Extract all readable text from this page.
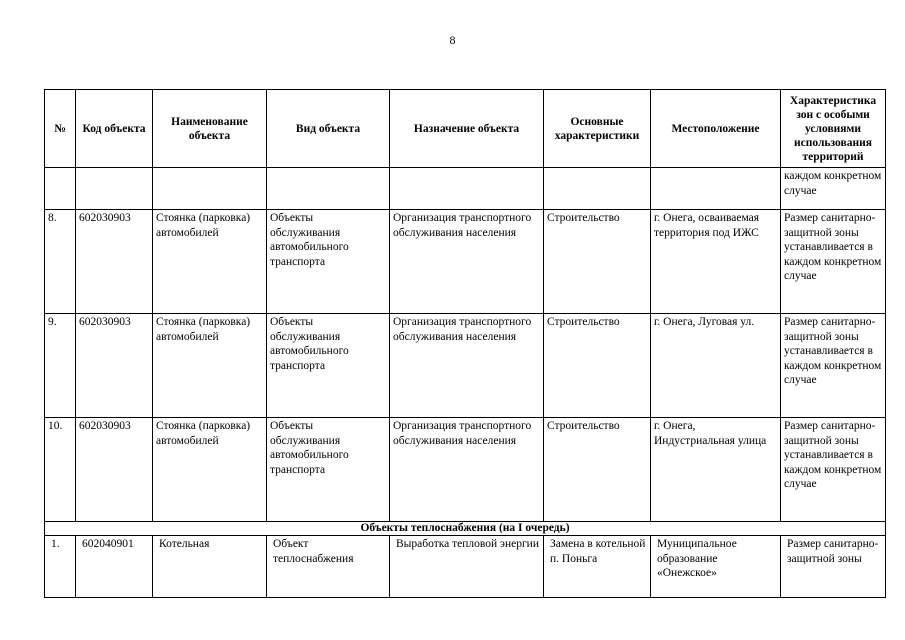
8
№	Код объекта	Наименование объекта	Вид объекта	Назначение объекта	Основные характеристики	Местоположение	Характеристика зон с особыми условиями использования территорий
							каждом конкретном случае
8.	602030903	Стоянка (парковка) автомобилей	Объекты обслуживания автомобильного транспорта	Организация транспортного обслуживания населения	Строительство	г. Онега, осваиваемая территория под ИЖС	Размер санитарно-защитной зоны устанавливается в каждом конкретном случае
9.	602030903	Стоянка (парковка) автомобилей	Объекты обслуживания автомобильного транспорта	Организация транспортного обслуживания населения	Строительство	г. Онега, Луговая ул.	Размер санитарно-защитной зоны устанавливается в каждом конкретном случае
10.	602030903	Стоянка (парковка) автомобилей	Объекты обслуживания автомобильного транспорта	Организация транспортного обслуживания населения	Строительство	г. Онега, Индустриальная улица	Размер санитарно-защитной зоны устанавливается в каждом конкретном случае
Объекты теплоснабжения (на I очередь)							
1.	602040901	Котельная	Объект теплоснабжения	Выработка тепловой энергии	Замена в котельной п. Поньга	Муниципальное образование «Онежское»	Размер санитарно-защитной зоны
